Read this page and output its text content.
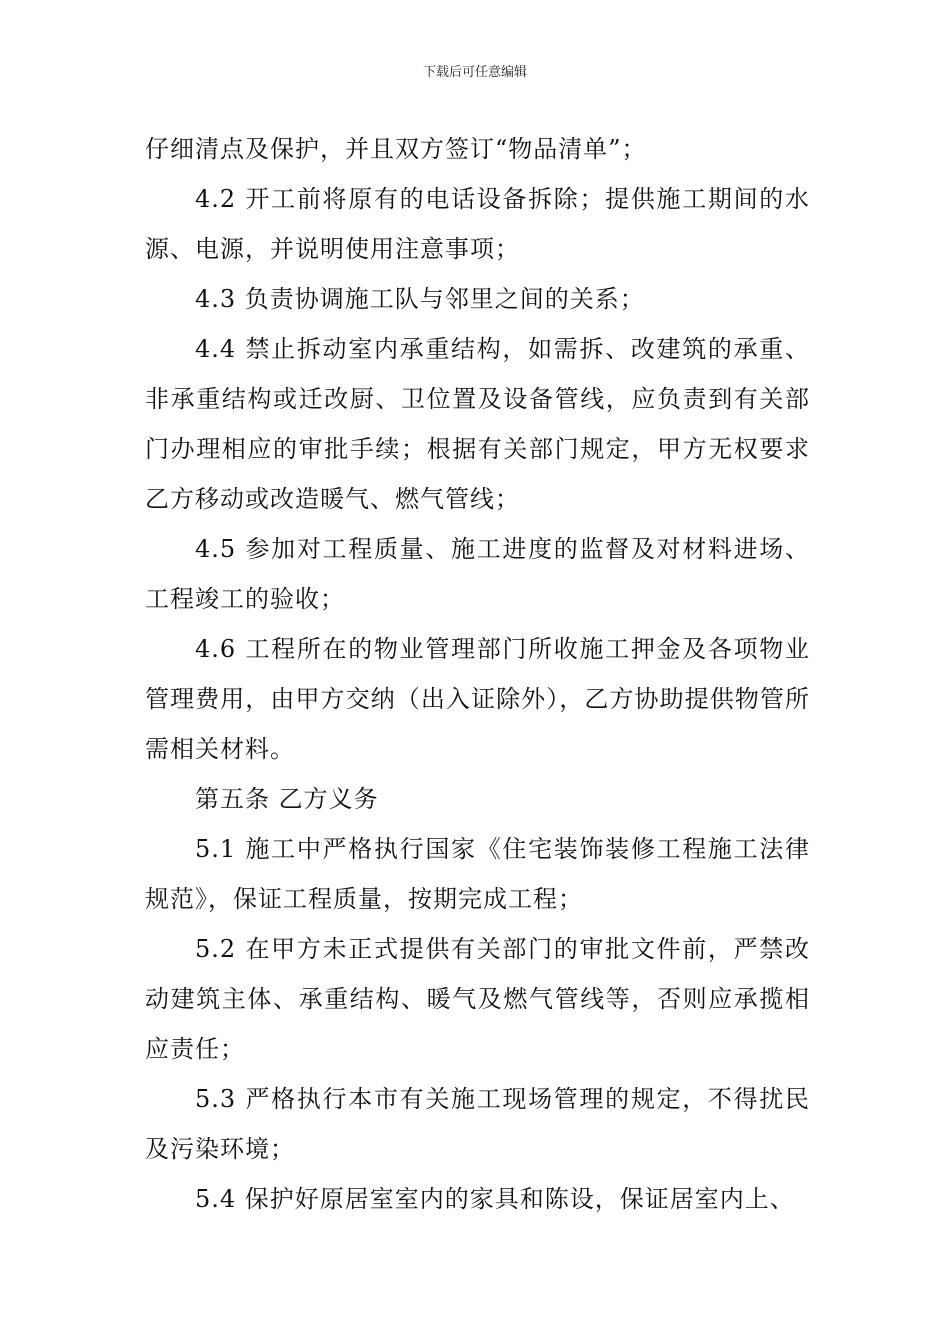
下载后可任意编辑

仔细清点及保护，并且双方签订“物品清单”；

4.2 开工前将原有的电话设备拆除；提供施工期间的水源、电源，并说明使用注意事项；

4.3 负责协调施工队与邻里之间的关系；

4.4 禁止拆动室内承重结构，如需拆、改建筑的承重、非承重结构或迁改厨、卫位置及设备管线，应负责到有关部门办理相应的审批手续；根据有关部门规定，甲方无权要求乙方移动或改造暖气、燃气管线；

4.5 参加对工程质量、施工进度的监督及对材料进场、工程竣工的验收；

4.6 工程所在的物业管理部门所收施工押金及各项物业管理费用，由甲方交纳（出入证除外），乙方协助提供物管所需相关材料。

第五条 乙方义务

5.1 施工中严格执行国家《住宅装饰装修工程施工法律规范》，保证工程质量，按期完成工程；

5.2 在甲方未正式提供有关部门的审批文件前，严禁改动建筑主体、承重结构、暖气及燃气管线等，否则应承揽相应责任；

5.3 严格执行本市有关施工现场管理的规定，不得扰民及污染环境；

5.4 保护好原居室室内的家具和陈设，保证居室内上、
